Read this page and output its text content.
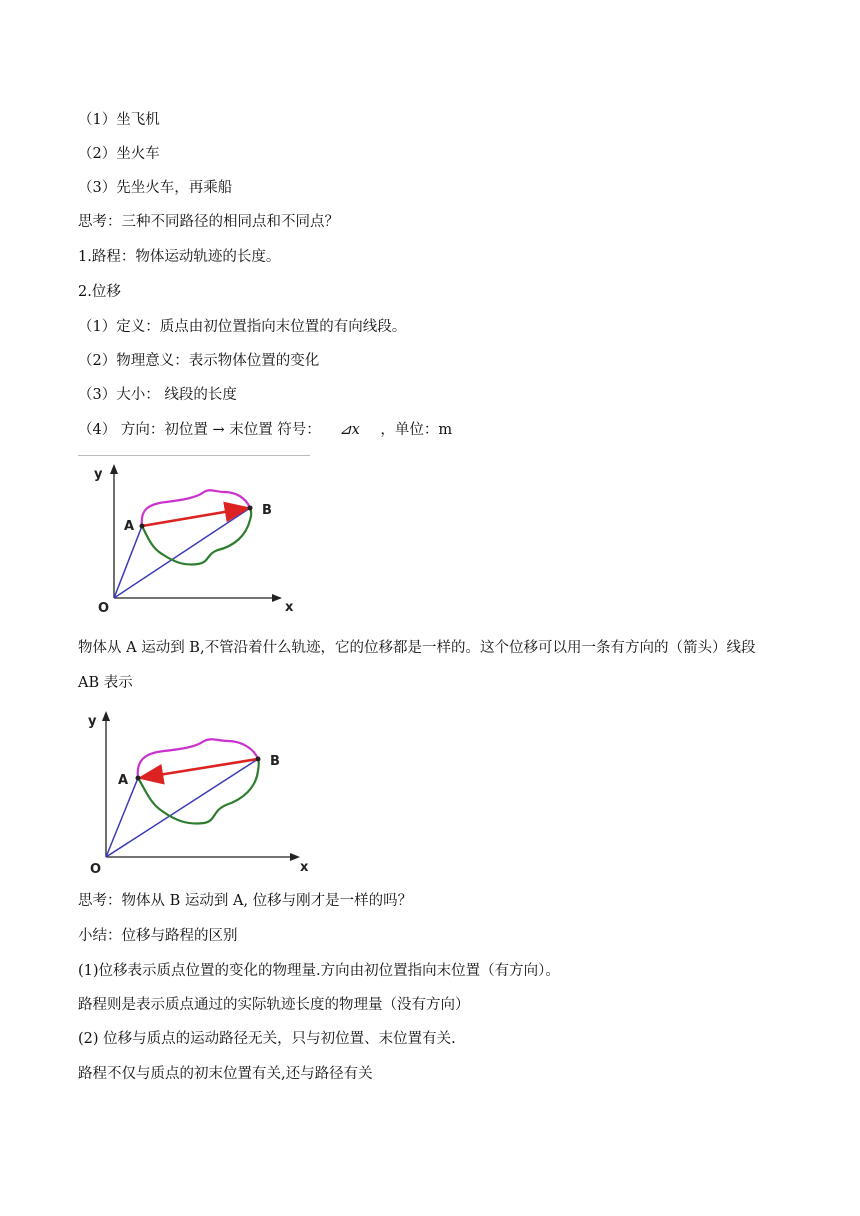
（1）坐飞机
（2）坐火车
（3）先坐火车，再乘船
思考：三种不同路径的相同点和不同点？
1.路程：物体运动轨迹的长度。
2.位移
（1）定义：质点由初位置指向末位置的有向线段。
（2）物理意义：表示物体位置的变化
（3）大小： 线段的长度
（4） 方向：初位置 → 末位置 符号： ⊿x ，单位：m
y
x
O
A
B
物体从 A 运动到 B,不管沿着什么轨迹，它的位移都是一样的。这个位移可以用一条有方向的（箭头）线段
AB 表示
y
x
O
A
B
思考：物体从 B 运动到 A, 位移与刚才是一样的吗？
小结：位移与路程的区别
(1)位移表示质点位置的变化的物理量.方向由初位置指向末位置（有方向）。
路程则是表示质点通过的实际轨迹长度的物理量（没有方向）
(2) 位移与质点的运动路径无关，只与初位置、末位置有关.
路程不仅与质点的初末位置有关,还与路径有关
